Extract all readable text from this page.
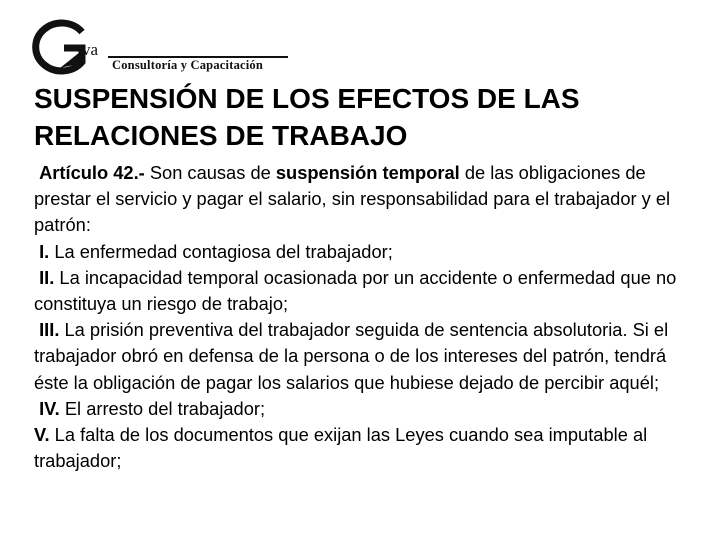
va
Consultoría y Capacitación
SUSPENSIÓN DE LOS EFECTOS DE LAS
RELACIONES DE TRABAJO

Artículo 42.- Son causas de suspensión temporal de las obligaciones de prestar el servicio y pagar el salario, sin responsabilidad para el trabajador y el patrón:

I. La enfermedad contagiosa del trabajador;

II. La incapacidad temporal ocasionada por un accidente o enfermedad que no constituya un riesgo de trabajo;

III. La prisión preventiva del trabajador seguida de sentencia absolutoria. Si el trabajador obró en defensa de la persona o de los intereses del patrón, tendrá éste la obligación de pagar los salarios que hubiese dejado de percibir aquél;

IV. El arresto del trabajador;

V. La falta de los documentos que exijan las Leyes cuando sea imputable al trabajador;
